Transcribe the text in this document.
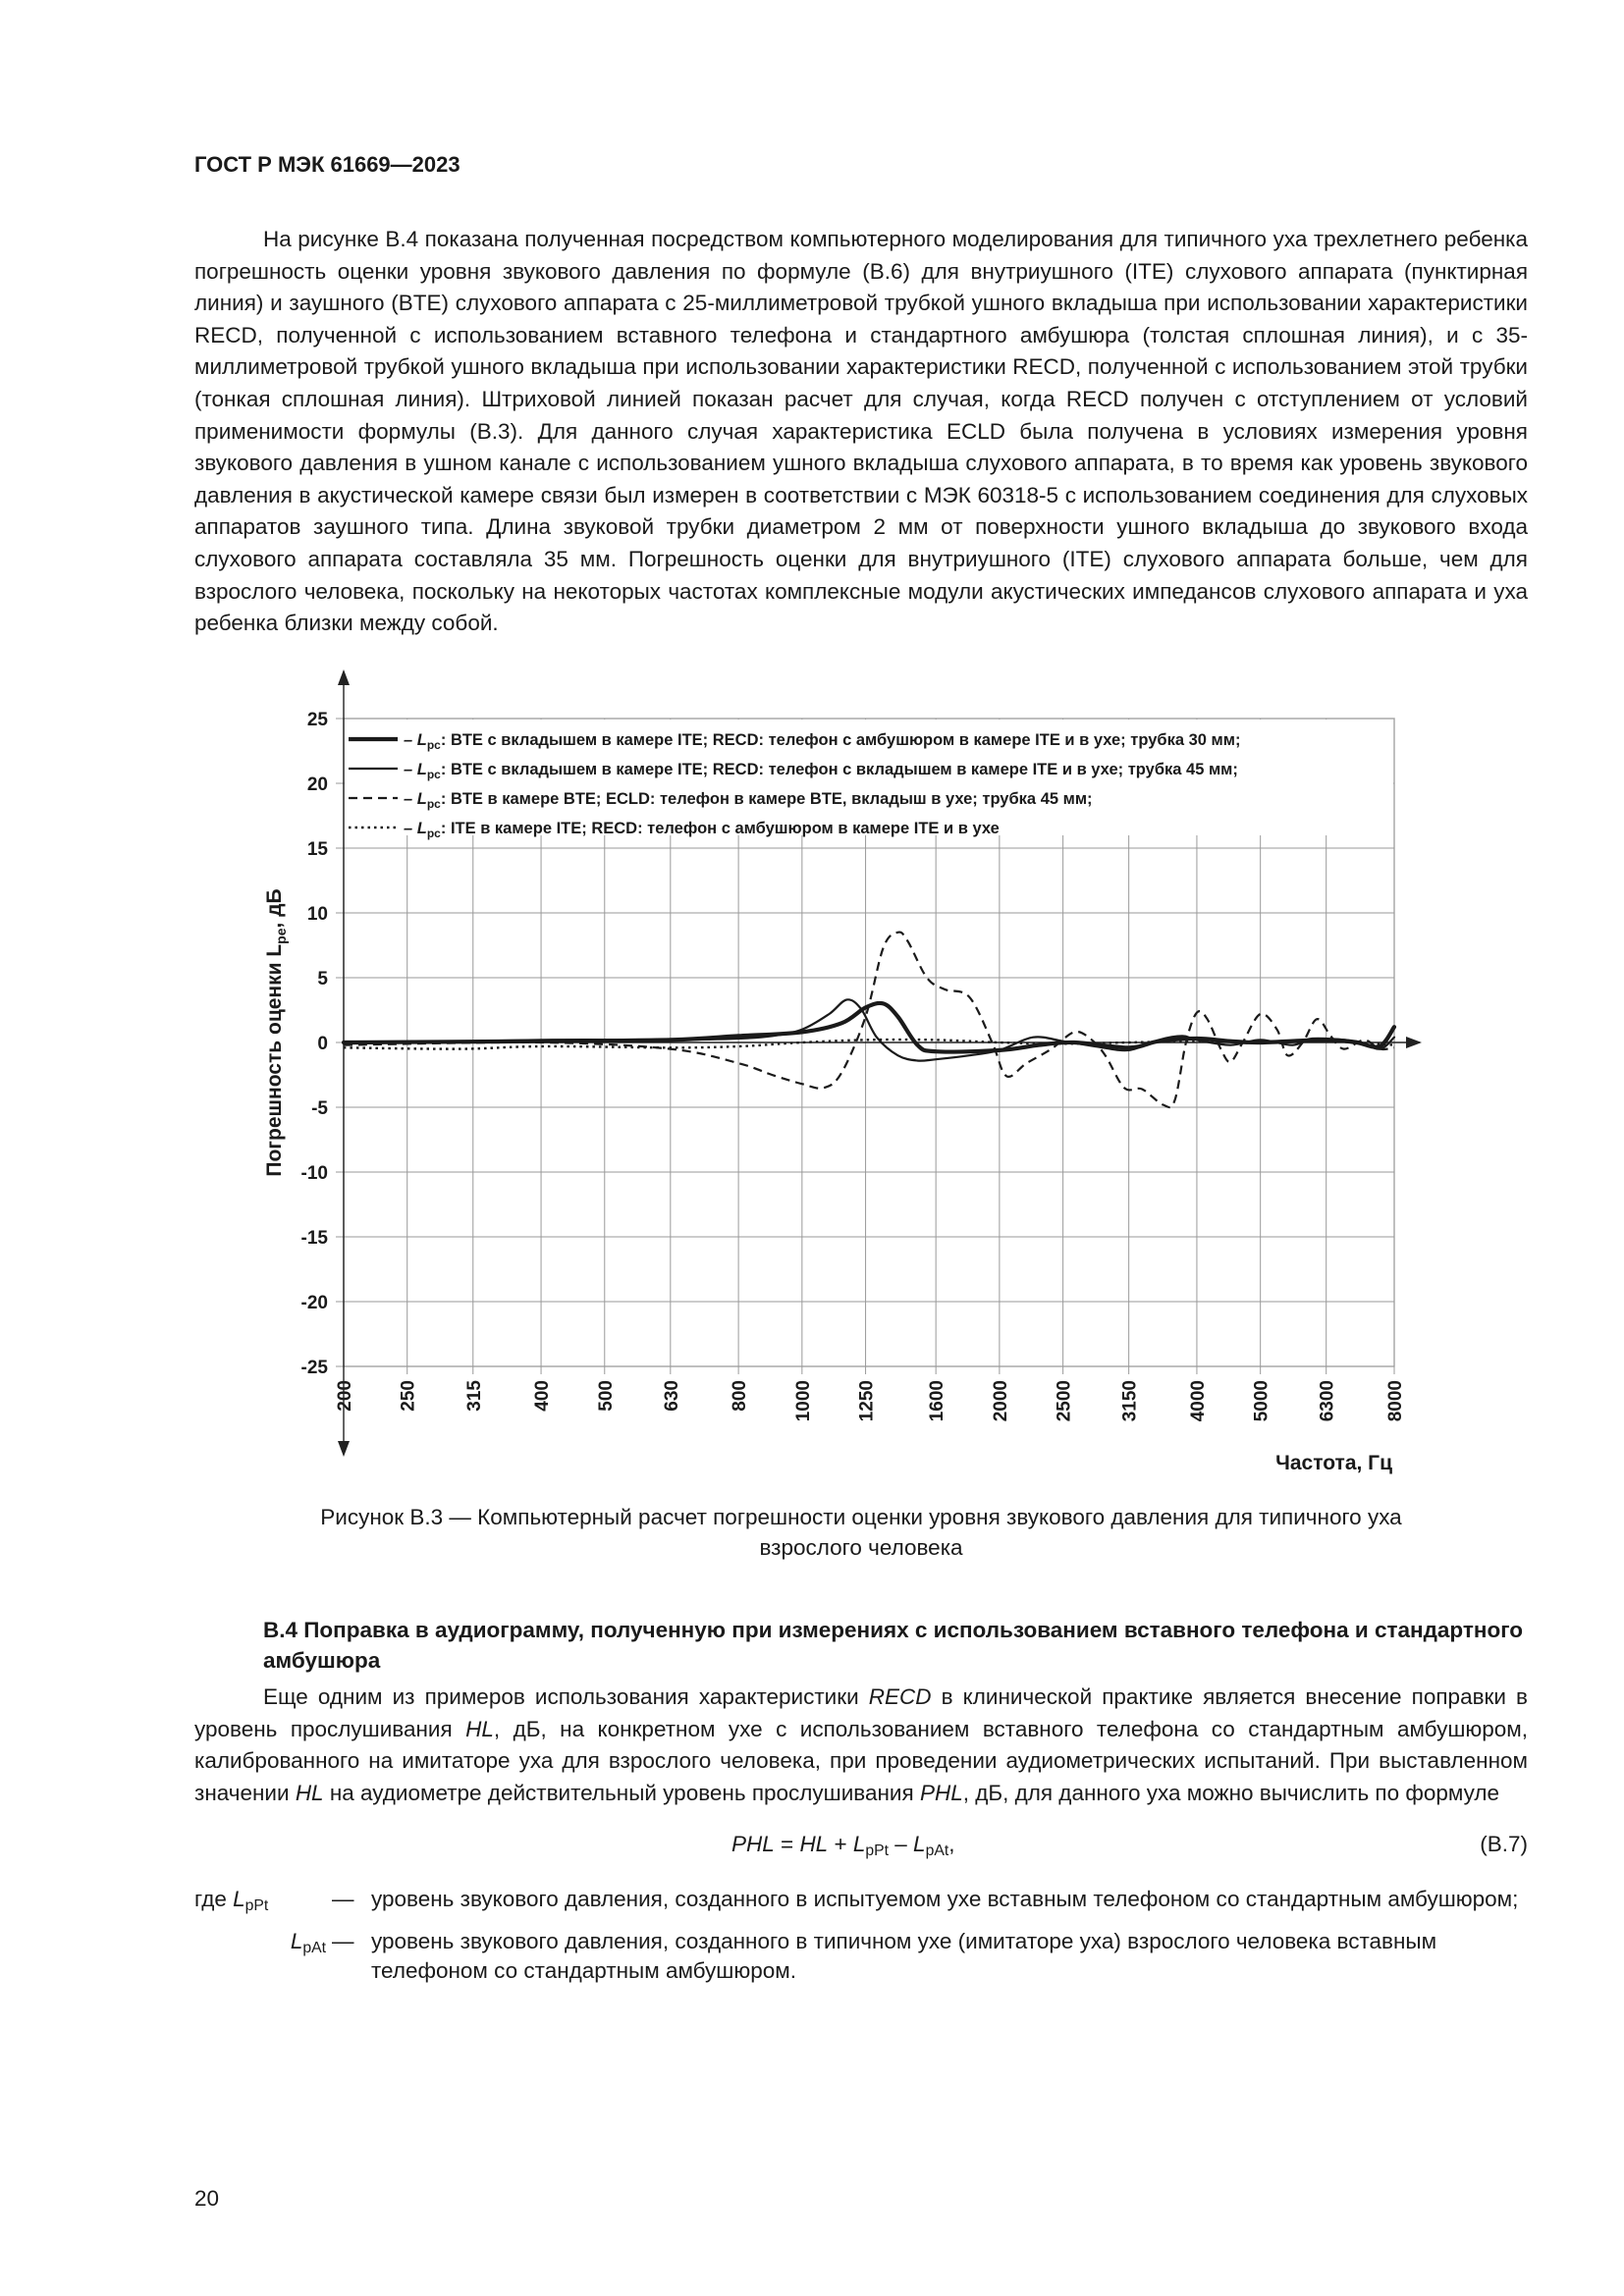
ГОСТ Р МЭК 61669—2023

На рисунке В.4 показана полученная посредством компьютерного моделирования для типичного уха трехлетнего ребенка погрешность оценки уровня звукового давления по формуле (В.6) для внутриушного (ITE) слухового аппарата (пунктирная линия) и заушного (BTE) слухового аппарата с 25-миллиметровой трубкой ушного вкладыша при использовании характеристики RECD, полученной с использованием вставного телефона и стандартного амбушюра (толстая сплошная линия), и с 35-миллиметровой трубкой ушного вкладыша при использовании характеристики RECD, полученной с использованием этой трубки (тонкая сплошная линия). Штриховой линией показан расчет для случая, когда RECD получен с отступлением от условий применимости формулы (В.3). Для данного случая характеристика ECLD была получена в условиях измерения уровня звукового давления в ушном канале с использованием ушного вкладыша слухового аппарата, в то время как уровень звукового давления в акустической камере связи был измерен в соответствии с МЭК 60318-5 с использованием соединения для слуховых аппаратов заушного типа. Длина звуковой трубки диаметром 2 мм от поверхности ушного вкладыша до звукового входа слухового аппарата составляла 35 мм. Погрешность оценки для внутриушного (ITE) слухового аппарата больше, чем для взрослого человека, поскольку на некоторых частотах комплексные модули акустических импедансов слухового аппарата и уха ребенка близки между собой.

25
20
15
10
5
0
-5
-10
-15
-20
-25
200 250 315	400 500 630	800 1000 1250	1600 2000 2500 3150	4000 5000 6300	8000
Погрешность оценки $L_{pe}$, дБ
Частота, Гц
– $L_{pc}$: BTE с вкладышем в камере ITE; RECD: телефон с амбушюром в камере ITE и в ухе; трубка 30 мм;
– $L_{pc}$: BTE с вкладышем в камере ITE; RECD: телефон с вкладышем в камере ITE и в ухе; трубка 45 мм;
– $L_{pc}$: BTE в камере BTE; ECLD: телефон в камере BTE, вкладыш в ухе; трубка 45 мм;
– $L_{pc}$: ITE в камере ITE; RECD: телефон с амбушюром в камере ITE и в ухе
Рисунок В.3 — Компьютерный расчет погрешности оценки уровня звукового давления для типичного уха
взрослого человека
В.4 Поправка в аудиограмму, полученную при измерениях с использованием вставного телефона и стандартного амбушюра

Еще одним из примеров использования характеристики RECD в клинической практике является внесение поправки в уровень прослушивания HL, дБ, на конкретном ухе с использованием вставного телефона со стандартным амбушюром, калиброванного на имитаторе уха для взрослого человека, при проведении аудиометрических испытаний. При выставленном значении HL на аудиометре действительный уровень прослушивания PHL, дБ, для данного уха можно вычислить по формуле

PHL = HL + $L_{pPt} - L_{pAt}$,	(В.7)
где $L_{pPt}$	— уровень звукового давления, созданного в испытуемом ухе вставным телефоном со стандартным амбушюром;
$L_{pAt}$ — уровень звукового давления, созданного в типичном ухе (имитаторе уха) взрослого человека вставным телефоном со стандартным амбушюром.
20
